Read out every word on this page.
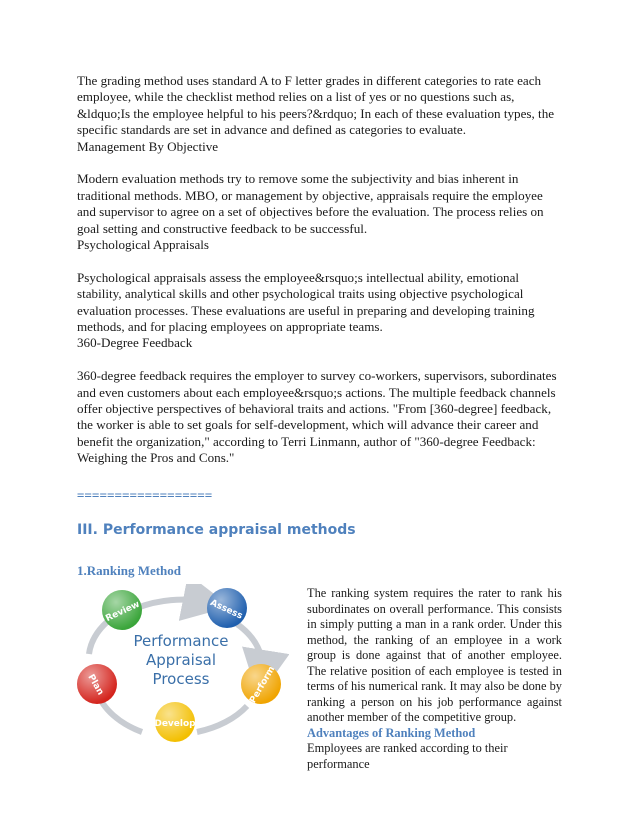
The grading method uses standard A to F letter grades in different categories to rate each employee, while the checklist method relies on a list of yes or no questions such as, &ldquo;Is the employee helpful to his peers?&rdquo; In each of these evaluation types, the specific standards are set in advance and defined as categories to evaluate.

Management By Objective

Modern evaluation methods try to remove some the subjectivity and bias inherent in traditional methods. MBO, or management by objective, appraisals require the employee and supervisor to agree on a set of objectives before the evaluation. The process relies on goal setting and constructive feedback to be successful.

Psychological Appraisals

Psychological appraisals assess the employee&rsquo;s intellectual ability, emotional stability, analytical skills and other psychological traits using objective psychological evaluation processes. These evaluations are useful in preparing and developing training methods, and for placing employees on appropriate teams.

360-Degree Feedback

360-degree feedback requires the employer to survey co-workers, supervisors, subordinates and even customers about each employee&rsquo;s actions. The multiple feedback channels offer objective perspectives of behavioral traits and actions. "From [360-degree] feedback, the worker is able to set goals for self-development, which will advance their career and benefit the organization," according to Terri Linmann, author of "360-degree Feedback: Weighing the Pros and Cons."

==================
III. Performance appraisal methods
1.Ranking Method
Review	Assess
Perform
Develop
Plan
Performance
Appraisal
Process

The ranking system requires the rater to rank his subordinates on overall performance. This consists in simply putting a man in a rank order. Under this method, the ranking of an employee in a work group is done against that of another employee. The relative position of each employee is tested in terms of his numerical rank. It may also be done by ranking a person on his job performance against another member of the competitive group.

Advantages of Ranking Method

Employees are ranked according to their performance
